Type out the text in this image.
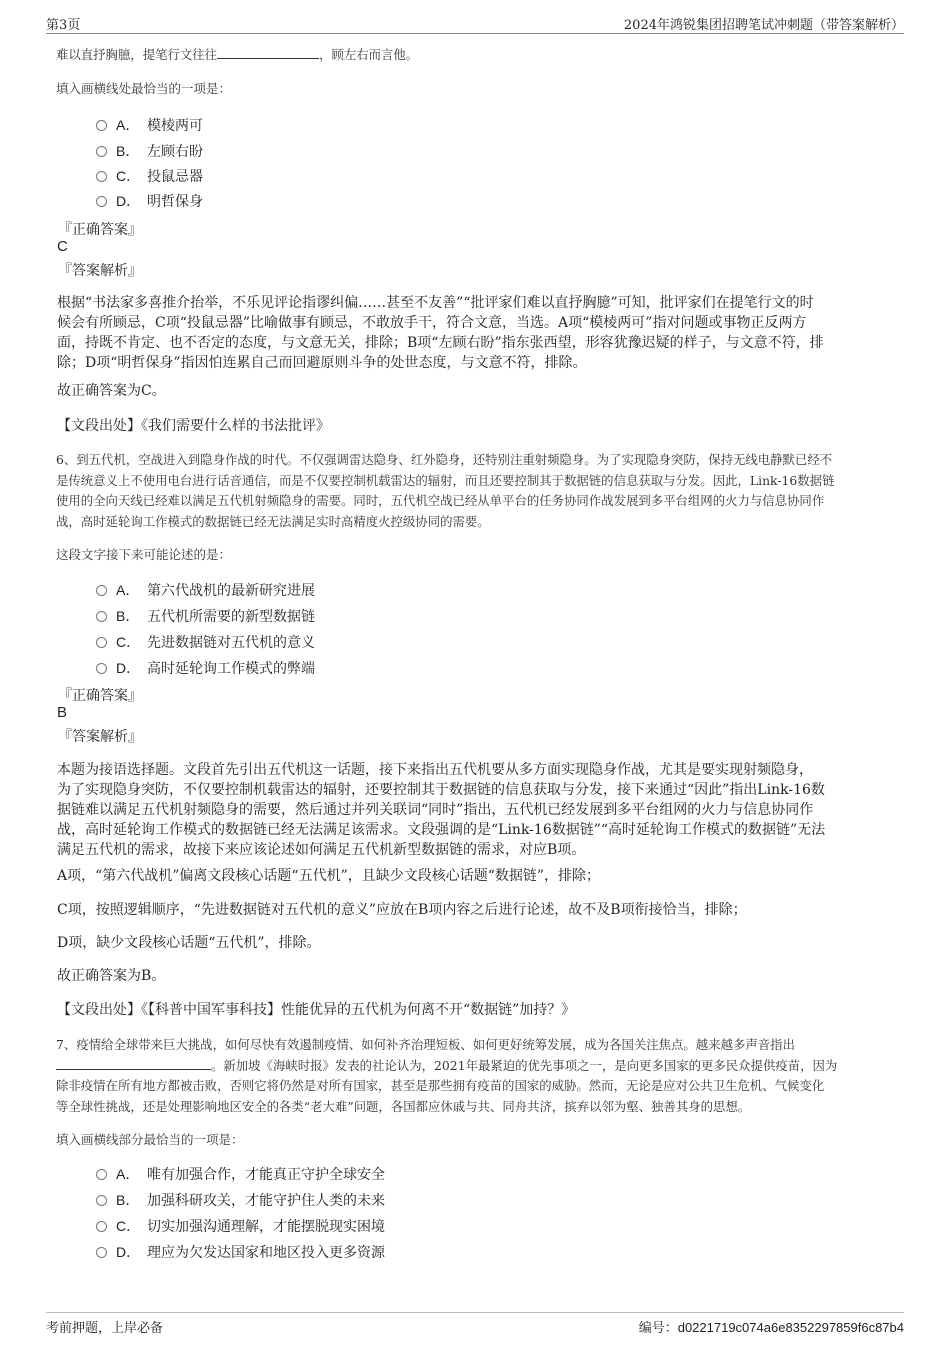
第3页	2024年鸿锐集团招聘笔试冲刺题（带答案解析）
难以直抒胸臆，提笔行文往往	，顾左右而言他。
填入画横线处最恰当的一项是：
A． 模棱两可
B． 左顾右盼
C． 投鼠忌器
D． 明哲保身
『正确答案』
C
『答案解析』
根据“书法家多喜推介抬举，不乐见评论指谬纠偏……甚至不友善”“批评家们难以直抒胸臆”可知，批评家们在提笔行文的时
候会有所顾忌，C项“投鼠忌器”比喻做事有顾忌，不敢放手干，符合文意，当选。A项“模棱两可”指对问题或事物正反两方
面，持既不肯定、也不否定的态度，与文意无关，排除；B项“左顾右盼”指东张西望，形容犹豫迟疑的样子，与文意不符，排
除；D项“明哲保身”指因怕连累自己而回避原则斗争的处世态度，与文意不符，排除。
故正确答案为C。
【文段出处】《我们需要什么样的书法批评》
6、到五代机，空战进入到隐身作战的时代。不仅强调雷达隐身、红外隐身，还特别注重射频隐身。为了实现隐身突防，保持无线电静默已经不
是传统意义上不使用电台进行话音通信，而是不仅要控制机载雷达的辐射，而且还要控制其于数据链的信息获取与分发。因此，Link-16数据链
使用的全向天线已经难以满足五代机射频隐身的需要。同时，五代机空战已经从单平台的任务协同作战发展到多平台组网的火力与信息协同作
战，高时延轮询工作模式的数据链已经无法满足实时高精度火控级协同的需要。
这段文字接下来可能论述的是：
A． 第六代战机的最新研究进展
B． 五代机所需要的新型数据链
C． 先进数据链对五代机的意义
D． 高时延轮询工作模式的弊端
『正确答案』
B
『答案解析』
本题为接语选择题。文段首先引出五代机这一话题，接下来指出五代机要从多方面实现隐身作战，尤其是要实现射频隐身，
为了实现隐身突防，不仅要控制机载雷达的辐射，还要控制其于数据链的信息获取与分发，接下来通过“因此”指出Link-16数
据链难以满足五代机射频隐身的需要，然后通过并列关联词“同时”指出，五代机已经发展到多平台组网的火力与信息协同作
战，高时延轮询工作模式的数据链已经无法满足该需求。文段强调的是“Link-16数据链”“高时延轮询工作模式的数据链”无法
满足五代机的需求，故接下来应该论述如何满足五代机新型数据链的需求，对应B项。
A项，“第六代战机”偏离文段核心话题“五代机”，且缺少文段核心话题“数据链”，排除；
C项，按照逻辑顺序，“先进数据链对五代机的意义”应放在B项内容之后进行论述，故不及B项衔接恰当，排除；
D项，缺少文段核心话题“五代机”，排除。
故正确答案为B。
【文段出处】《【科普中国军事科技】性能优异的五代机为何离不开“数据链”加持？》
7、疫情给全球带来巨大挑战，如何尽快有效遏制疫情、如何补齐治理短板、如何更好统筹发展，成为各国关注焦点。越来越多声音指出
。新加坡《海峡时报》发表的社论认为，2021年最紧迫的优先事项之一，是向更多国家的更多民众提供疫苗，因为
除非疫情在所有地方都被击败，否则它将仍然是对所有国家，甚至是那些拥有疫苗的国家的威胁。然而，无论是应对公共卫生危机、气候变化
等全球性挑战，还是处理影响地区安全的各类“老大难”问题，各国都应休戚与共、同舟共济，摈弃以邻为壑、独善其身的思想。
填入画横线部分最恰当的一项是：
A． 唯有加强合作，才能真正守护全球安全
B． 加强科研攻关，才能守护住人类的未来
C． 切实加强沟通理解，才能摆脱现实困境
D． 理应为欠发达国家和地区投入更多资源
考前押题，上岸必备	编号：d0221719c074a6e8352297859f6c87b4
